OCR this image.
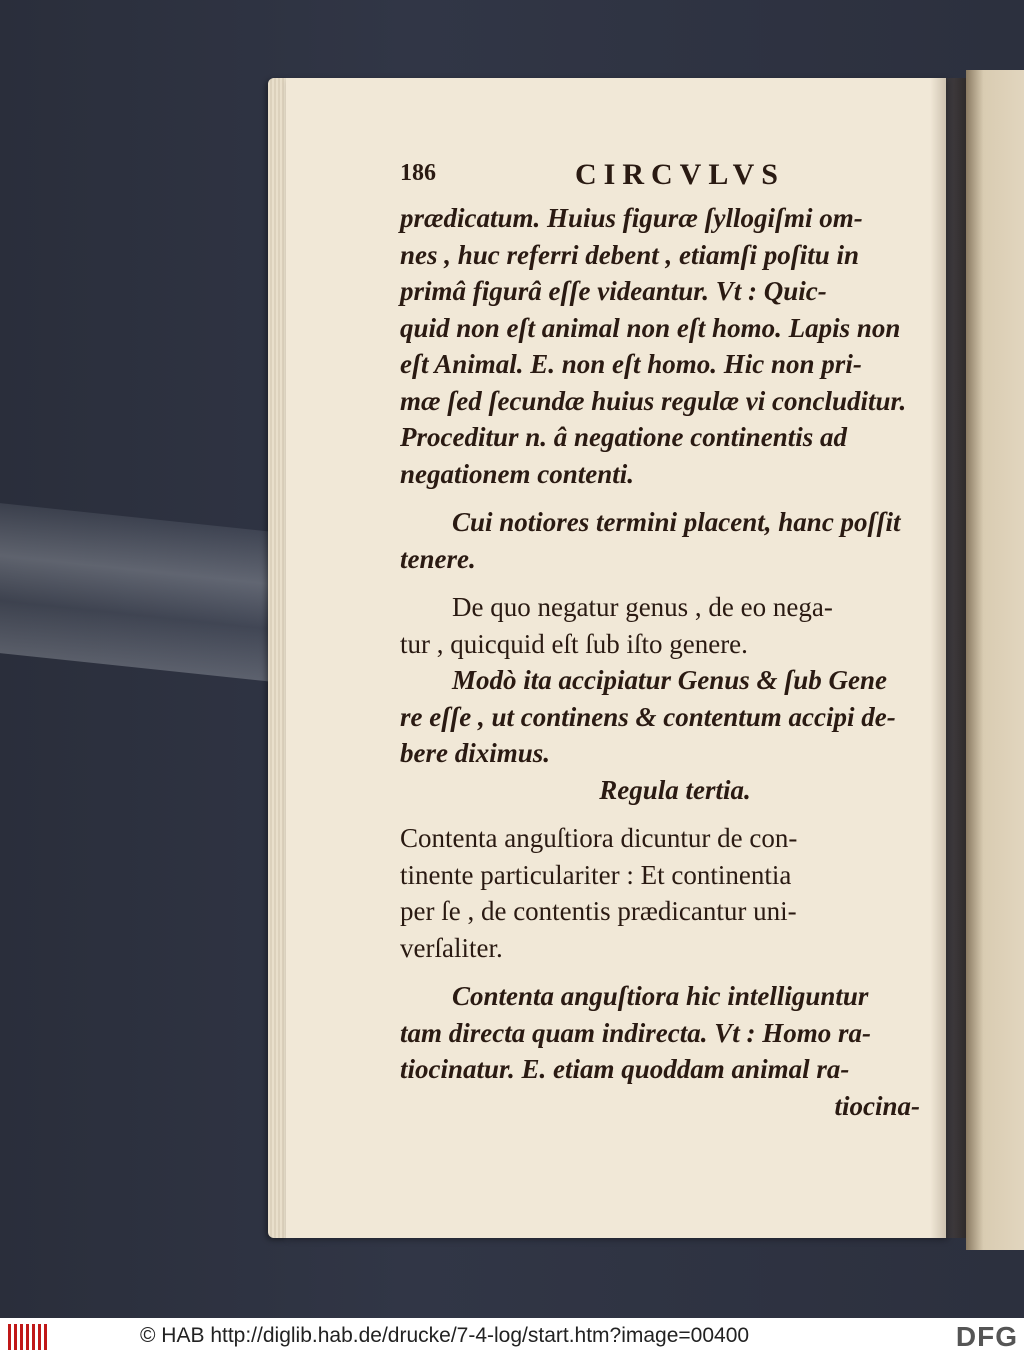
186	CIRCVLVS
prædicatum. Huius figuræ ſyllogiſmi om-
nes , huc referri debent , etiamſi poſitu in
primâ figurâ eſſe videantur. Vt : Quic-
quid non eſt animal non eſt homo. Lapis non
eſt Animal. E. non eſt homo. Hic non pri-
mæ ſed ſecundæ huius regulæ vi concluditur.
Proceditur n. â negatione continentis ad
negationem contenti.
Cui notiores termini placent, hanc poſſit
tenere.
De quo negatur genus , de eo nega-
tur , quicquid eſt ſub iſto genere.
Modò ita accipiatur Genus & ſub Gene
re eſſe , ut continens & contentum accipi de-
bere diximus.
Regula tertia.
Contenta anguſtiora dicuntur de con-
tinente particulariter : Et continentia
per ſe , de contentis prædicantur uni-
verſaliter.
Contenta anguſtiora hic intelliguntur
tam directa quam indirecta. Vt : Homo ra-
tiocinatur. E. etiam quoddam animal ra-
tiocina-
© HAB http://diglib.hab.de/drucke/7-4-log/start.htm?image=00400	DFG
